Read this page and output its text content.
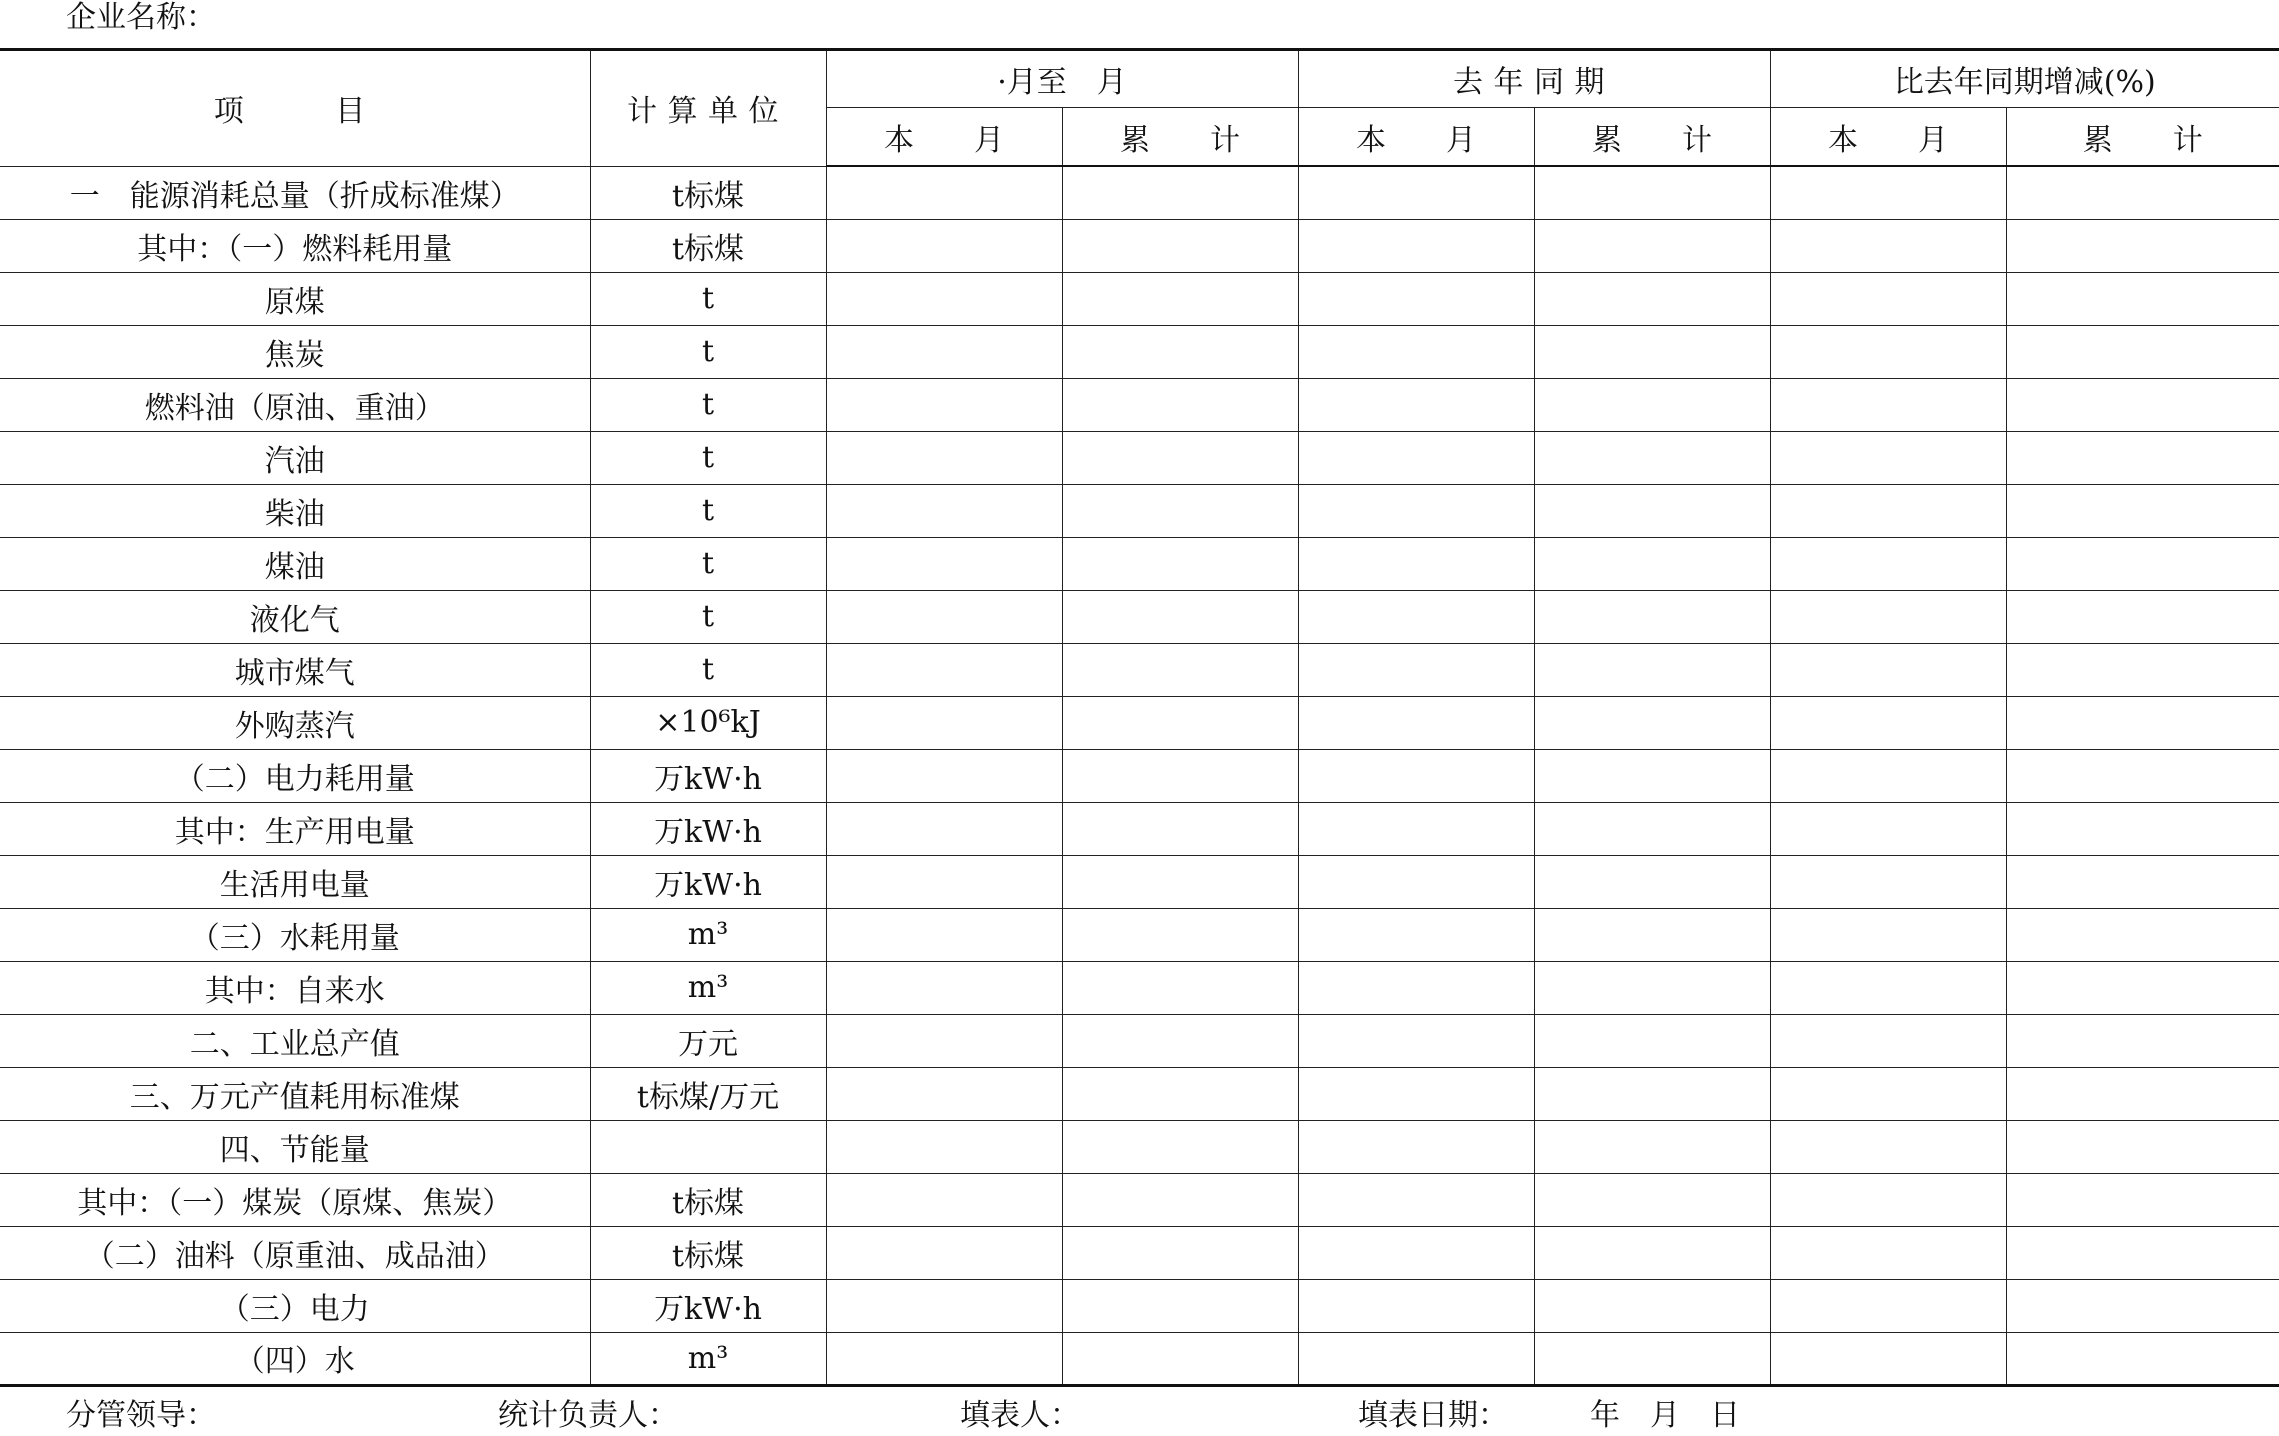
企业名称：
项　　目	计算单位	·月至　月		去年同期		比去年同期增减(%)	
		本　　月	累　　计	本　　月	累　　计	本　　月	累　　计
一　能源消耗总量（折成标准煤）	t标煤						
其中：（一）燃料耗用量	t标煤						
原煤	t						
焦炭	t						
燃料油（原油、重油）	t						
汽油	t						
柴油	t						
煤油	t						
液化气	t						
城市煤气	t						
外购蒸汽	×10⁶kJ						
（二）电力耗用量	万kW·h						
其中：生产用电量	万kW·h						
生活用电量	万kW·h						
（三）水耗用量	m³						
其中：自来水	m³						
二、工业总产值	万元						
三、万元产值耗用标准煤	t标煤/万元						
四、节能量							
其中：（一）煤炭（原煤、焦炭）	t标煤						
（二）油料（原重油、成品油）	t标煤						
（三）电力	万kW·h						
（四）水	m³						
分管领导：	统计负责人：	填表人：	填表日期：	年　月　日
